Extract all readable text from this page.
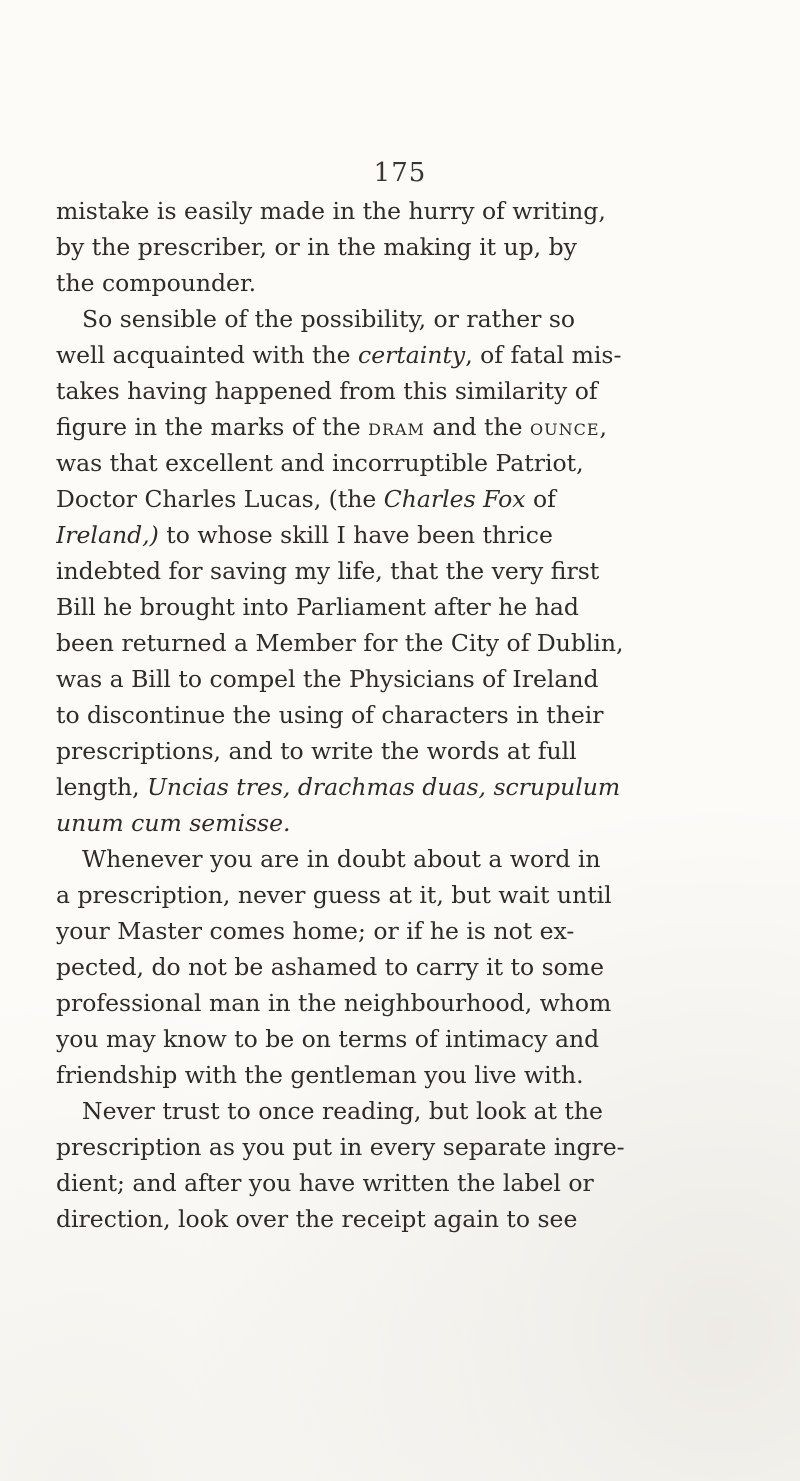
175
mistake is easily made in the hurry of writing,
by the prescriber, or in the making it up, by
the compounder.
So sensible of the possibility, or rather so
well acquainted with the certainty, of fatal mis-
takes having happened from this similarity of
figure in the marks of the DRAM and the OUNCE,
was that excellent and incorruptible Patriot,
Doctor Charles Lucas, (the Charles Fox of
Ireland,) to whose skill I have been thrice
indebted for saving my life, that the very first
Bill he brought into Parliament after he had
been returned a Member for the City of Dublin,
was a Bill to compel the Physicians of Ireland
to discontinue the using of characters in their
prescriptions, and to write the words at full
length, Uncias tres, drachmas duas, scrupulum
unum cum semisse.
Whenever you are in doubt about a word in
a prescription, never guess at it, but wait until
your Master comes home; or if he is not ex-
pected, do not be ashamed to carry it to some
professional man in the neighbourhood, whom
you may know to be on terms of intimacy and
friendship with the gentleman you live with.
Never trust to once reading, but look at the
prescription as you put in every separate ingre-
dient; and after you have written the label or
direction, look over the receipt again to see
